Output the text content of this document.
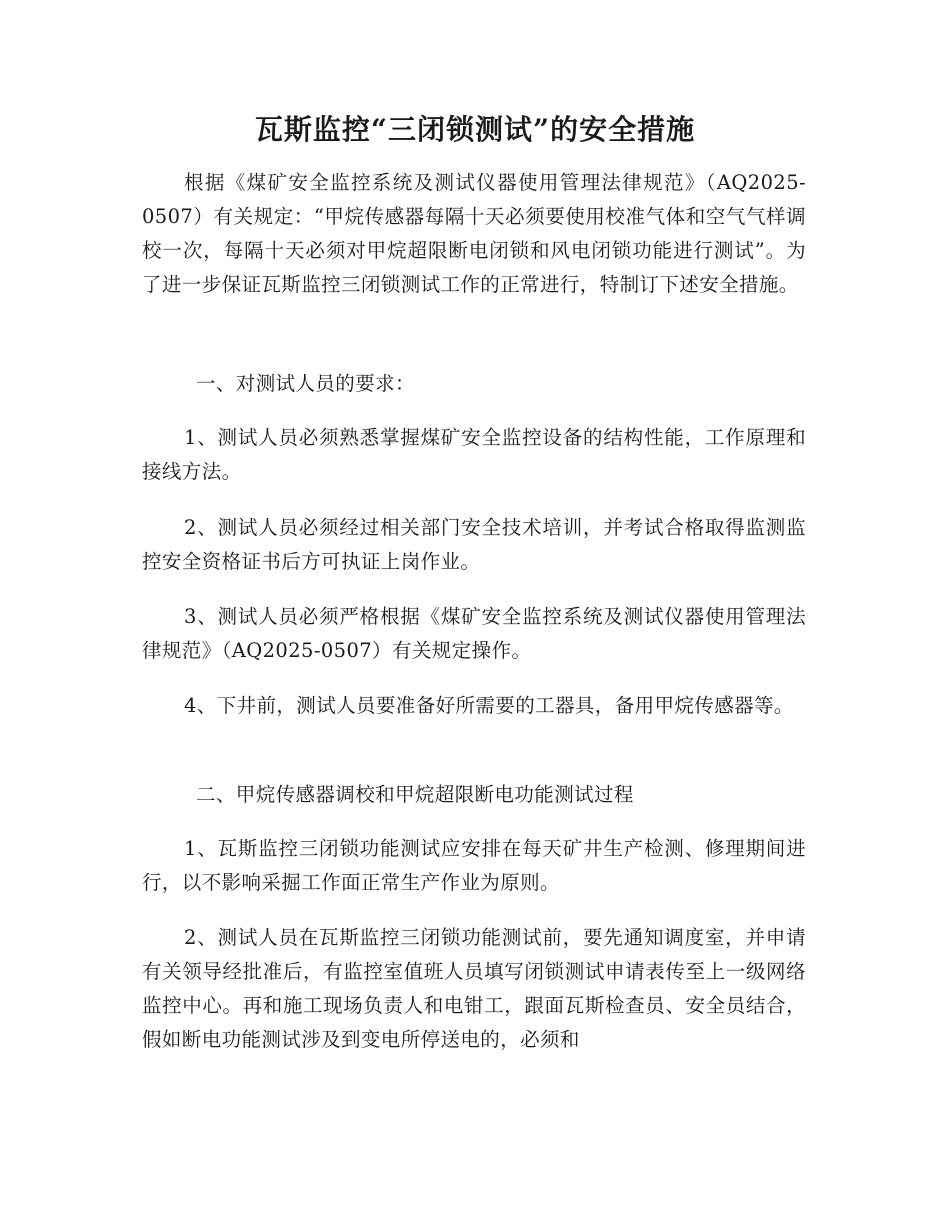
瓦斯监控“三闭锁测试”的安全措施

根据《煤矿安全监控系统及测试仪器使用管理法律规范》（AQ2025-0507）有关规定：“甲烷传感器每隔十天必须要使用校准气体和空气气样调校一次，每隔十天必须对甲烷超限断电闭锁和风电闭锁功能进行测试”。为了进一步保证瓦斯监控三闭锁测试工作的正常进行，特制订下述安全措施。

一、对测试人员的要求：

1、测试人员必须熟悉掌握煤矿安全监控设备的结构性能，工作原理和接线方法。

2、测试人员必须经过相关部门安全技术培训，并考试合格取得监测监控安全资格证书后方可执证上岗作业。

3、测试人员必须严格根据《煤矿安全监控系统及测试仪器使用管理法律规范》（AQ2025-0507）有关规定操作。

4、下井前，测试人员要准备好所需要的工器具，备用甲烷传感器等。

二、甲烷传感器调校和甲烷超限断电功能测试过程

1、瓦斯监控三闭锁功能测试应安排在每天矿井生产检测、修理期间进行，以不影响采掘工作面正常生产作业为原则。

2、测试人员在瓦斯监控三闭锁功能测试前，要先通知调度室，并申请有关领导经批准后，有监控室值班人员填写闭锁测试申请表传至上一级网络监控中心。再和施工现场负责人和电钳工，跟面瓦斯检查员、安全员结合，假如断电功能测试涉及到变电所停送电的，必须和
